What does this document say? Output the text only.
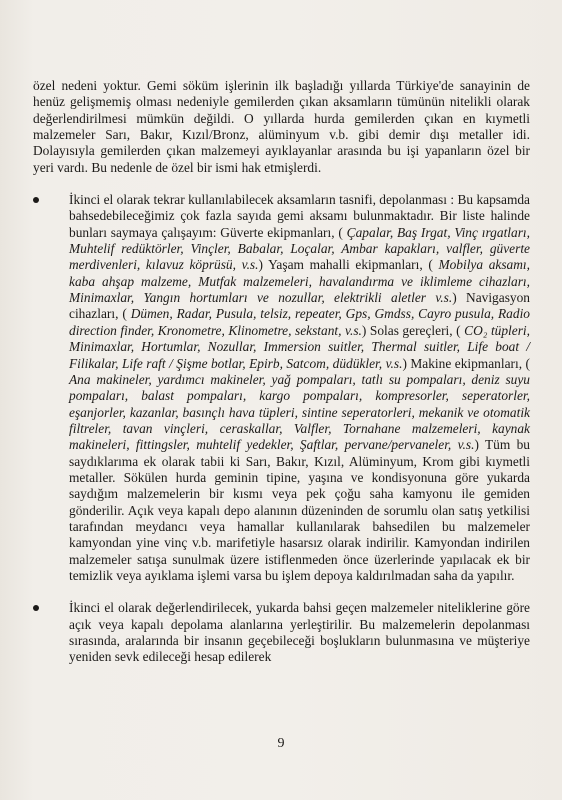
özel nedeni yoktur. Gemi söküm işlerinin ilk başladığı yıllarda Türkiye'de sanayinin de henüz gelişmemiş olması nedeniyle gemilerden çıkan aksamların tümünün nitelikli olarak değerlendirilmesi mümkün değildi. O yıllarda hurda gemilerden çıkan en kıymetli malzemeler Sarı, Bakır, Kızıl/Bronz, alüminyum v.b. gibi demir dışı metaller idi. Dolayısıyla gemilerden çıkan malzemeyi ayıklayanlar arasında bu işi yapanların özel bir yeri vardı. Bu nedenle de özel bir ismi hak etmişlerdi.

İkinci el olarak tekrar kullanılabilecek aksamların tasnifi, depolanması : Bu kapsamda bahsedebileceğimiz çok fazla sayıda gemi aksamı bulunmaktadır. Bir liste halinde bunları saymaya çalışayım: Güverte ekipmanları, ( Çapalar, Baş Irgat, Vinç ırgatları, Muhtelif redüktörler, Vinçler, Babalar, Loçalar, Ambar kapakları, valfler, güverte merdivenleri, kılavuz köprüsü, v.s.) Yaşam mahalli ekipmanları, ( Mobilya aksamı, kaba ahşap malzeme, Mutfak malzemeleri, havalandırma ve iklimleme cihazları, Minimaxlar, Yangın hortumları ve nozullar, elektrikli aletler v.s.) Navigasyon cihazları, ( Dümen, Radar, Pusula, telsiz, repeater, Gps, Gmdss, Cayro pusula, Radio direction finder, Kronometre, Klinometre, sekstant, v.s.) Solas gereçleri, ( CO₂ tüpleri, Minimaxlar, Hortumlar, Nozullar, Immersion suitler, Thermal suitler, Life boat / Filikalar, Life raft / Şişme botlar, Epirb, Satcom, düdükler, v.s.) Makine ekipmanları, ( Ana makineler, yardımcı makineler, yağ pompaları, tatlı su pompaları, deniz suyu pompaları, balast pompaları, kargo pompaları, kompresorler, seperatorler, eşanjorler, kazanlar, basınçlı hava tüpleri, sintine seperatorleri, mekanik ve otomatik filtreler, tavan vinçleri, ceraskallar, Valfler, Tornahane malzemeleri, kaynak makineleri, fittingsler, muhtelif yedekler, Şaftlar, pervane/pervaneler, v.s.) Tüm bu saydıklarıma ek olarak tabii ki Sarı, Bakır, Kızıl, Alüminyum, Krom gibi kıymetli metaller. Sökülen hurda geminin tipine, yaşına ve kondisyonuna göre yukarda saydığım malzemelerin bir kısmı veya pek çoğu saha kamyonu ile gemiden gönderilir. Açık veya kapalı depo alanının düzeninden de sorumlu olan satış yetkilisi tarafından meydancı veya hamallar kullanılarak bahsedilen bu malzemeler kamyondan yine vinç v.b. marifetiyle hasarsız olarak indirilir. Kamyondan indirilen malzemeler satışa sunulmak üzere istiflenmeden önce üzerlerinde yapılacak ek bir temizlik veya ayıklama işlemi varsa bu işlem depoya kaldırılmadan saha da yapılır.

İkinci el olarak değerlendirilecek, yukarda bahsi geçen malzemeler niteliklerine göre açık veya kapalı depolama alanlarına yerleştirilir. Bu malzemelerin depolanması sırasında, aralarında bir insanın geçebileceği boşlukların bulunmasına ve müşteriye yeniden sevk edileceği hesap edilerek

9
